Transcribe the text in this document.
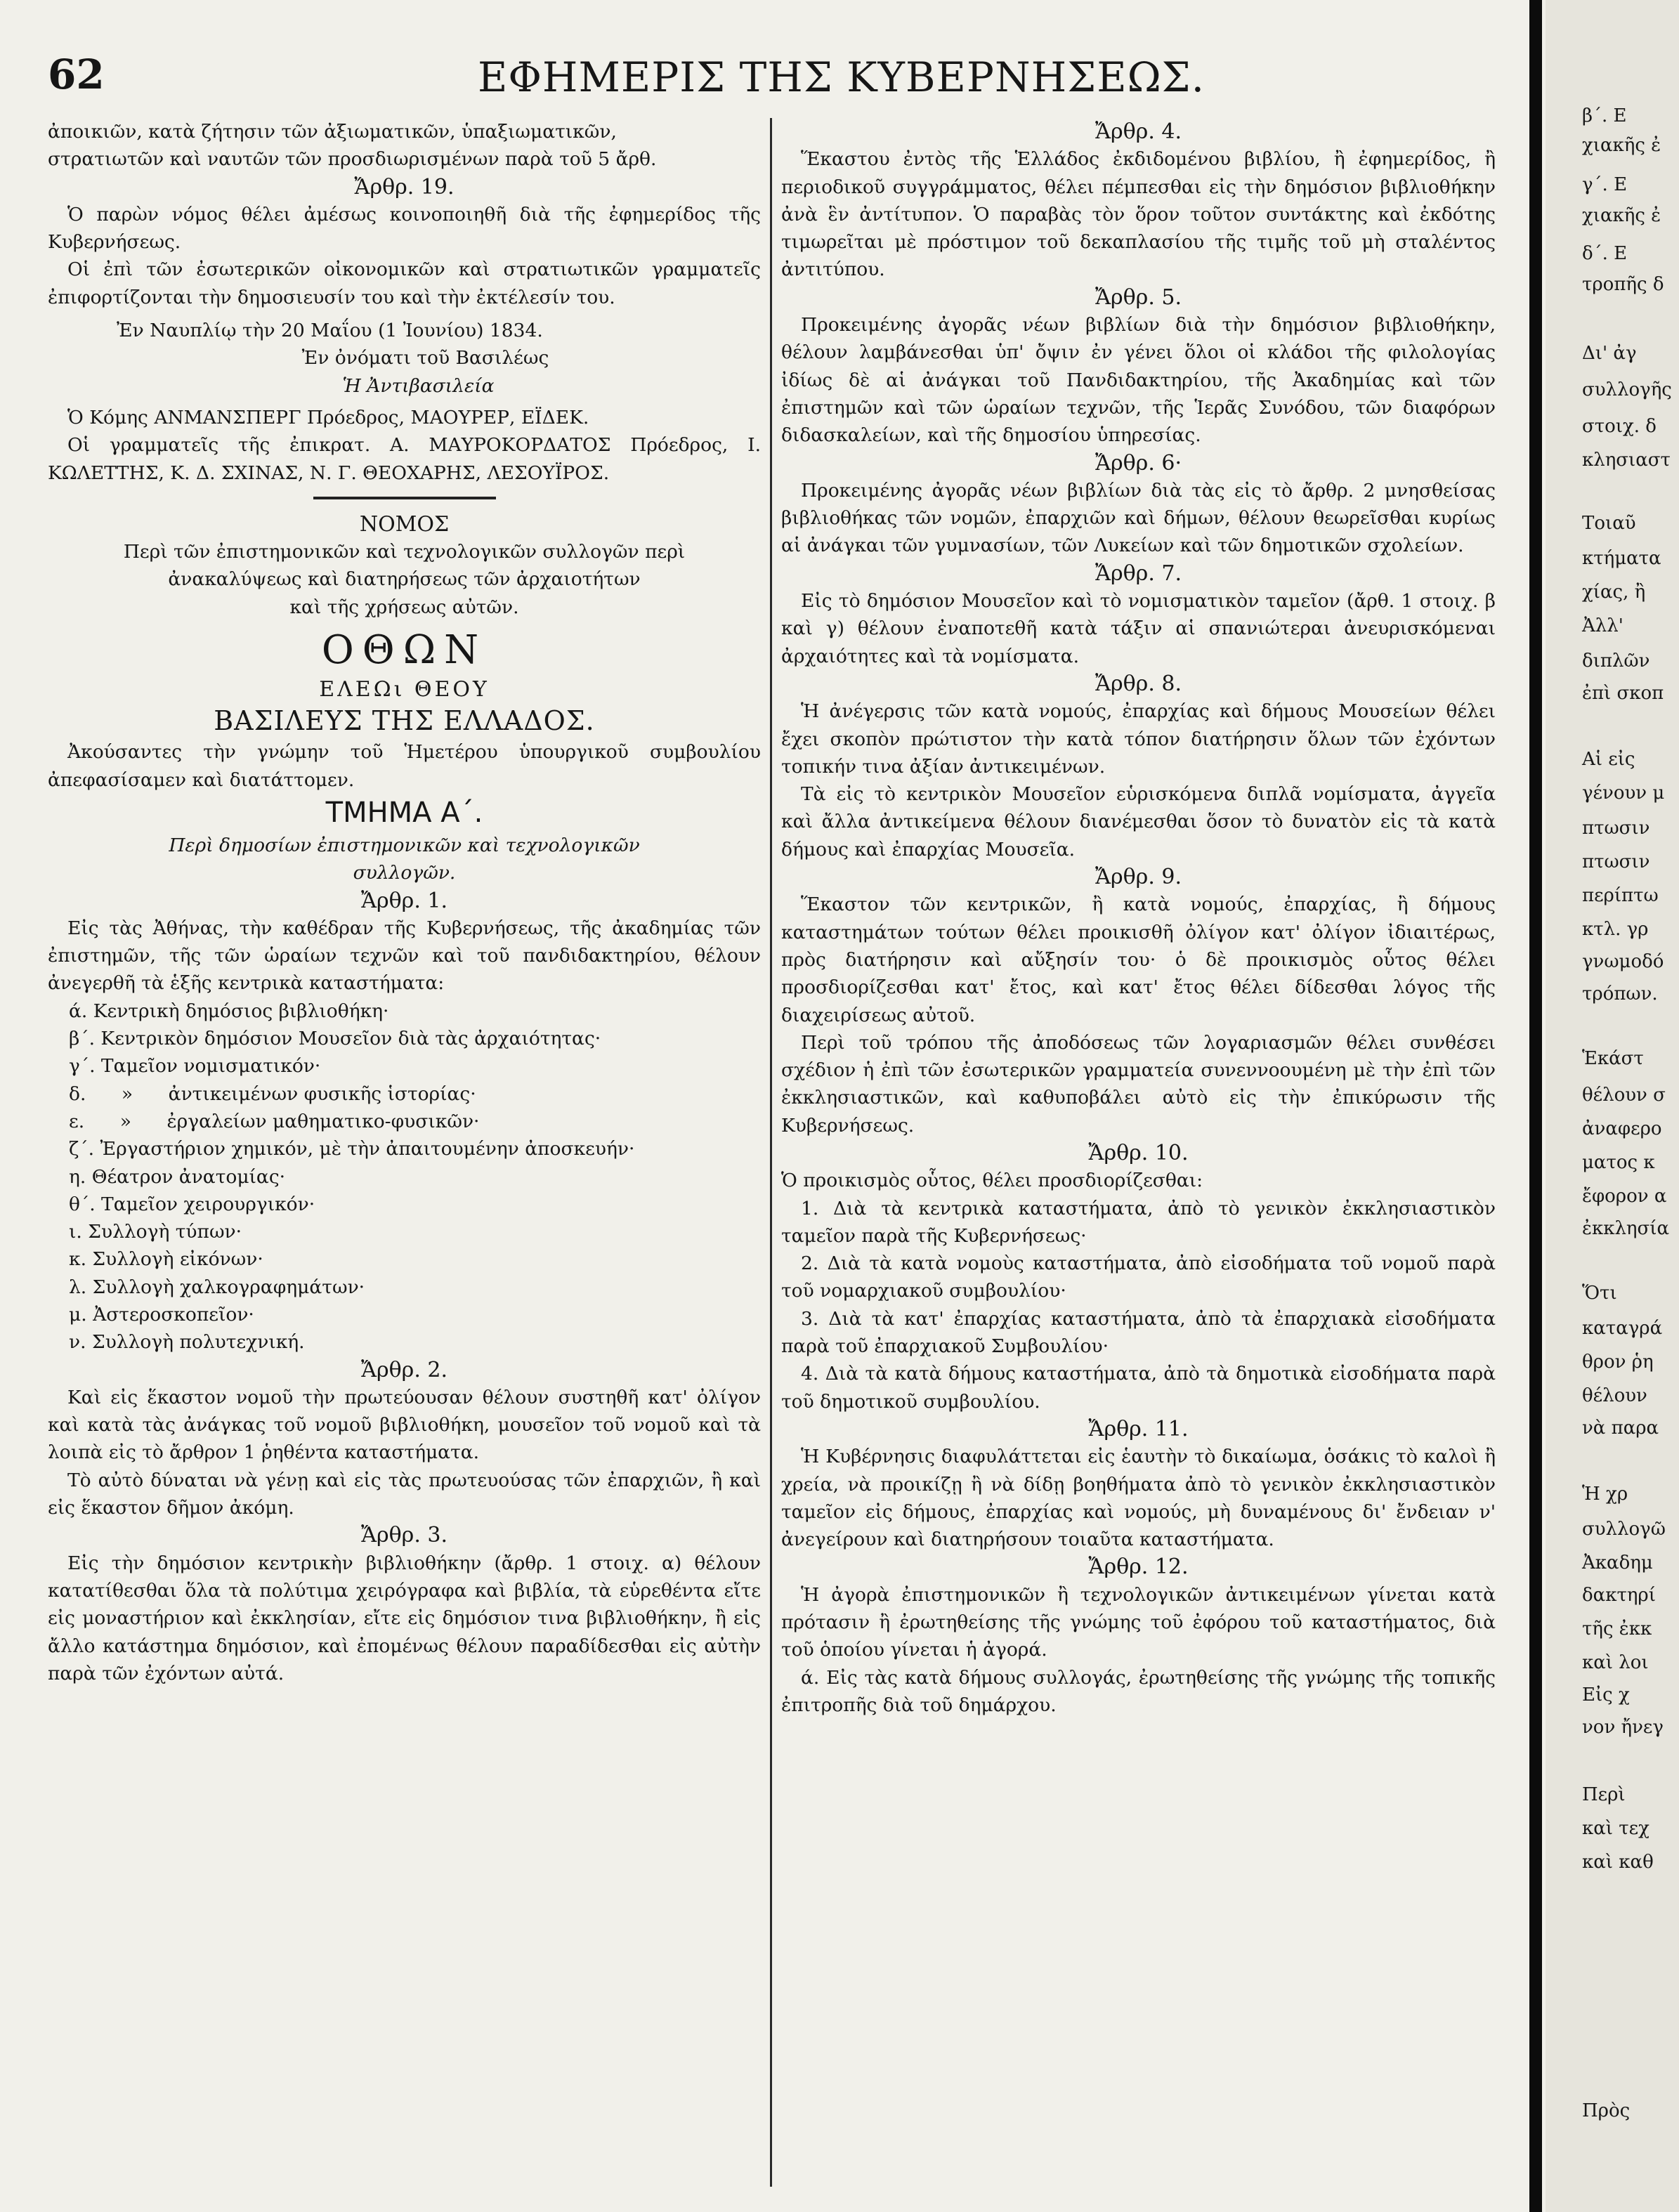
62	ΕΦΗΜΕΡΙΣ ΤΗΣ ΚΥΒΕΡΝΗΣΕΩΣ.

ἀποικιῶν, κατὰ ζήτησιν τῶν ἀξιωματικῶν, ὑπαξιωματικῶν,

στρατιωτῶν καὶ ναυτῶν τῶν προσδιωρισμένων παρὰ τοῦ 5 ἄρθ.

Ἄρθρ. 19.

Ὁ παρὼν νόμος θέλει ἀμέσως κοινοποιηθῆ διὰ τῆς ἐφημερίδος τῆς Κυβερνήσεως.

Οἱ ἐπὶ τῶν ἐσωτερικῶν οἰκονομικῶν καὶ στρατιωτικῶν γραμματεῖς ἐπιφορτίζονται τὴν δημοσιευσίν του καὶ τὴν ἐκτέλεσίν του.

Ἐν Ναυπλίῳ τὴν 20 Μαΐου (1 Ἰουνίου) 1834.

Ἐν ὀνόματι τοῦ Βασιλέως

Ἡ Ἀντιβασιλεία

Ὁ Κόμης ΑΝΜΑΝΣΠΕΡΓ Πρόεδρος, ΜΑΟΥΡΕΡ, ΕΪΔΕΚ.

Οἱ γραμματεῖς τῆς ἐπικρατ. Α. ΜΑΥΡΟΚΟΡΔΑΤΟΣ Πρόεδρος, Ι. ΚΩΛΕΤΤΗΣ, Κ. Δ. ΣΧΙΝΑΣ, Ν. Γ. ΘΕΟΧΑΡΗΣ, ΛΕΣΟΥΪΡΟΣ.

ΝΟΜΟΣ

Περὶ τῶν ἐπιστημονικῶν καὶ τεχνολογικῶν συλλογῶν περὶ

ἀνακαλύψεως καὶ διατηρήσεως τῶν ἀρχαιοτήτων

καὶ τῆς χρήσεως αὐτῶν.

ΟΘΩΝ

ΕΛΕΩι ΘΕΟΥ

ΒΑΣΙΛΕΥΣ ΤΗΣ ΕΛΛΑΔΟΣ.

Ἀκούσαντες τὴν γνώμην τοῦ Ἡμετέρου ὑπουργικοῦ συμβουλίου ἀπεφασίσαμεν καὶ διατάττομεν.

ΤΜΗΜΑ Α΄.

Περὶ δημοσίων ἐπιστημονικῶν καὶ τεχνολογικῶν

συλλογῶν.

Ἄρθρ. 1.

Εἰς τὰς Ἀθήνας, τὴν καθέδραν τῆς Κυβερνήσεως, τῆς ἀκαδημίας τῶν ἐπιστημῶν, τῆς τῶν ὡραίων τεχνῶν καὶ τοῦ πανδιδακτηρίου, θέλουν ἀνεγερθῆ τὰ ἑξῆς κεντρικὰ καταστήματα:

ά. Κεντρικὴ δημόσιος βιβλιοθήκη·
β΄. Κεντρικὸν δημόσιον Μουσεῖον διὰ τὰς ἀρχαιότητας·
γ΄. Ταμεῖον νομισματικόν·
δ.      »      ἀντικειμένων φυσικῆς ἱστορίας·
ε.      »      ἐργαλείων μαθηματικο-φυσικῶν·
ζ΄. Ἐργαστήριον χημικόν, μὲ τὴν ἀπαιτουμένην ἀποσκευήν·
η. Θέατρον ἀνατομίας·
θ΄. Ταμεῖον χειρουργικόν·
ι. Συλλογὴ τύπων·
κ. Συλλογὴ εἰκόνων·
λ. Συλλογὴ χαλκογραφημάτων·
μ. Ἀστεροσκοπεῖον·
ν. Συλλογὴ πολυτεχνική.

Ἄρθρ. 2.

Καὶ εἰς ἕκαστον νομοῦ τὴν πρωτεύουσαν θέλουν συστηθῆ κατ' ὀλίγον καὶ κατὰ τὰς ἀνάγκας τοῦ νομοῦ βιβλιοθήκη, μουσεῖον τοῦ νομοῦ καὶ τὰ λοιπὰ εἰς τὸ ἄρθρον 1 ῥηθέντα καταστήματα.

Τὸ αὐτὸ δύναται νὰ γένῃ καὶ εἰς τὰς πρωτευούσας τῶν ἐπαρχιῶν, ἢ καὶ εἰς ἕκαστον δῆμον ἀκόμη.

Ἄρθρ. 3.

Εἰς τὴν δημόσιον κεντρικὴν βιβλιοθήκην (ἄρθρ. 1 στοιχ. α) θέλουν κατατίθεσθαι ὅλα τὰ πολύτιμα χειρόγραφα καὶ βιβλία, τὰ εὑρεθέντα εἴτε εἰς μοναστήριον καὶ ἐκκλησίαν, εἴτε εἰς δημόσιον τινα βιβλιοθήκην, ἢ εἰς ἄλλο κατάστημα δημόσιον, καὶ ἐπομένως θέλουν παραδίδεσθαι εἰς αὐτὴν παρὰ τῶν ἐχόντων αὐτά.

Ἄρθρ. 4.

Ἕκαστου ἐντὸς τῆς Ἑλλάδος ἐκδιδομένου βιβλίου, ἢ ἐφημερίδος, ἢ περιοδικοῦ συγγράμματος, θέλει πέμπεσθαι εἰς τὴν δημόσιον βιβλιοθήκην ἀνὰ ἓν ἀντίτυπον. Ὁ παραβὰς τὸν ὅρον τοῦτον συντάκτης καὶ ἐκδότης τιμωρεῖται μὲ πρόστιμον τοῦ δεκαπλασίου τῆς τιμῆς τοῦ μὴ σταλέντος ἀντιτύπου.

Ἄρθρ. 5.

Προκειμένης ἀγορᾶς νέων βιβλίων διὰ τὴν δημόσιον βιβλιοθήκην, θέλουν λαμβάνεσθαι ὑπ' ὄψιν ἐν γένει ὅλοι οἱ κλάδοι τῆς φιλολογίας ἰδίως δὲ αἱ ἀνάγκαι τοῦ Πανδιδακτηρίου, τῆς Ἀκαδημίας καὶ τῶν ἐπιστημῶν καὶ τῶν ὡραίων τεχνῶν, τῆς Ἱερᾶς Συνόδου, τῶν διαφόρων διδασκαλείων, καὶ τῆς δημοσίου ὑπηρεσίας.

Ἄρθρ. 6·

Προκειμένης ἀγορᾶς νέων βιβλίων διὰ τὰς εἰς τὸ ἄρθρ. 2 μνησθείσας βιβλιοθήκας τῶν νομῶν, ἐπαρχιῶν καὶ δήμων, θέλουν θεωρεῖσθαι κυρίως αἱ ἀνάγκαι τῶν γυμνασίων, τῶν Λυκείων καὶ τῶν δημοτικῶν σχολείων.

Ἄρθρ. 7.

Εἰς τὸ δημόσιον Μουσεῖον καὶ τὸ νομισματικὸν ταμεῖον (ἄρθ. 1 στοιχ. β καὶ γ) θέλουν ἐναποτεθῆ κατὰ τάξιν αἱ σπανιώτεραι ἀνευρισκόμεναι ἀρχαιότητες καὶ τὰ νομίσματα.

Ἄρθρ. 8.

Ἡ ἀνέγερσις τῶν κατὰ νομούς, ἐπαρχίας καὶ δήμους Μουσείων θέλει ἔχει σκοπὸν πρώτιστον τὴν κατὰ τόπον διατήρησιν ὅλων τῶν ἐχόντων τοπικήν τινα ἀξίαν ἀντικειμένων.

Τὰ εἰς τὸ κεντρικὸν Μουσεῖον εὑρισκόμενα διπλᾶ νομίσματα, ἀγγεῖα καὶ ἄλλα ἀντικείμενα θέλουν διανέμεσθαι ὅσον τὸ δυνατὸν εἰς τὰ κατὰ δήμους καὶ ἐπαρχίας Μουσεῖα.

Ἄρθρ. 9.

Ἕκαστον τῶν κεντρικῶν, ἢ κατὰ νομούς, ἐπαρχίας, ἢ δήμους καταστημάτων τούτων θέλει προικισθῆ ὀλίγον κατ' ὀλίγον ἰδιαιτέρως, πρὸς διατήρησιν καὶ αὔξησίν του· ὁ δὲ προικισμὸς οὗτος θέλει προσδιορίζεσθαι κατ' ἔτος, καὶ κατ' ἔτος θέλει δίδεσθαι λόγος τῆς διαχειρίσεως αὐτοῦ.

Περὶ τοῦ τρόπου τῆς ἀποδόσεως τῶν λογαριασμῶν θέλει συνθέσει σχέδιον ἡ ἐπὶ τῶν ἐσωτερικῶν γραμματεία συνεννοουμένη μὲ τὴν ἐπὶ τῶν ἐκκλησιαστικῶν, καὶ καθυποβάλει αὐτὸ εἰς τὴν ἐπικύρωσιν τῆς Κυβερνήσεως.

Ἄρθρ. 10.

Ὁ προικισμὸς οὗτος, θέλει προσδιορίζεσθαι:

1. Διὰ τὰ κεντρικὰ καταστήματα, ἀπὸ τὸ γενικὸν ἐκκλησιαστικὸν ταμεῖον παρὰ τῆς Κυβερνήσεως·

2. Διὰ τὰ κατὰ νομοὺς καταστήματα, ἀπὸ εἰσοδήματα τοῦ νομοῦ παρὰ τοῦ νομαρχιακοῦ συμβουλίου·

3. Διὰ τὰ κατ' ἐπαρχίας καταστήματα, ἀπὸ τὰ ἐπαρχιακὰ εἰσοδήματα παρὰ τοῦ ἐπαρχιακοῦ Συμβουλίου·

4. Διὰ τὰ κατὰ δήμους καταστήματα, ἀπὸ τὰ δημοτικὰ εἰσοδήματα παρὰ τοῦ δημοτικοῦ συμβουλίου.

Ἄρθρ. 11.

Ἡ Κυβέρνησις διαφυλάττεται εἰς ἑαυτὴν τὸ δικαίωμα, ὁσάκις τὸ καλοὶ ἢ χρεία, νὰ προικίζῃ ἢ νὰ δίδῃ βοηθήματα ἀπὸ τὸ γενικὸν ἐκκλησιαστικὸν ταμεῖον εἰς δήμους, ἐπαρχίας καὶ νομούς, μὴ δυναμένους δι' ἔνδειαν ν' ἀνεγείρουν καὶ διατηρήσουν τοιαῦτα καταστήματα.

Ἄρθρ. 12.

Ἡ ἀγορὰ ἐπιστημονικῶν ἢ τεχνολογικῶν ἀντικειμένων γίνεται κατὰ πρότασιν ἢ ἐρωτηθείσης τῆς γνώμης τοῦ ἐφόρου τοῦ καταστήματος, διὰ τοῦ ὁποίου γίνεται ἡ ἀγορά.

ά. Εἰς τὰς κατὰ δήμους συλλογάς, ἐρωτηθείσης τῆς γνώμης τῆς τοπικῆς ἐπιτροπῆς διὰ τοῦ δημάρχου.

β΄. Ε
χιακῆς ἐ
γ΄. Ε
χιακῆς ἐ
δ΄. Ε
τροπῆς δ
Δι' ἀγ
συλλογῆς
στοιχ. δ
κλησιαστ
Τοιαῦ
κτήματα
χίας, ἢ
Ἀλλ'
διπλῶν
ἐπὶ σκοπ
Αἱ εἰς
γένουν μ
πτωσιν
πτωσιν
περίπτω
κτλ. γρ
γνωμοδό
τρόπων.
Ἑκάστ
θέλουν σ
ἀναφερο
ματος κ
ἔφορον α
ἐκκλησία
Ὅτι
καταγρά
θρον ῥη
θέλουν
νὰ παρα
Ἡ χρ
συλλογῶ
Ἀκαδημ
δακτηρί
τῆς ἐκκ
καὶ λοι
Εἰς χ
νον ἤνεγ
Περὶ
καὶ τεχ
καὶ καθ
Πρὸς
